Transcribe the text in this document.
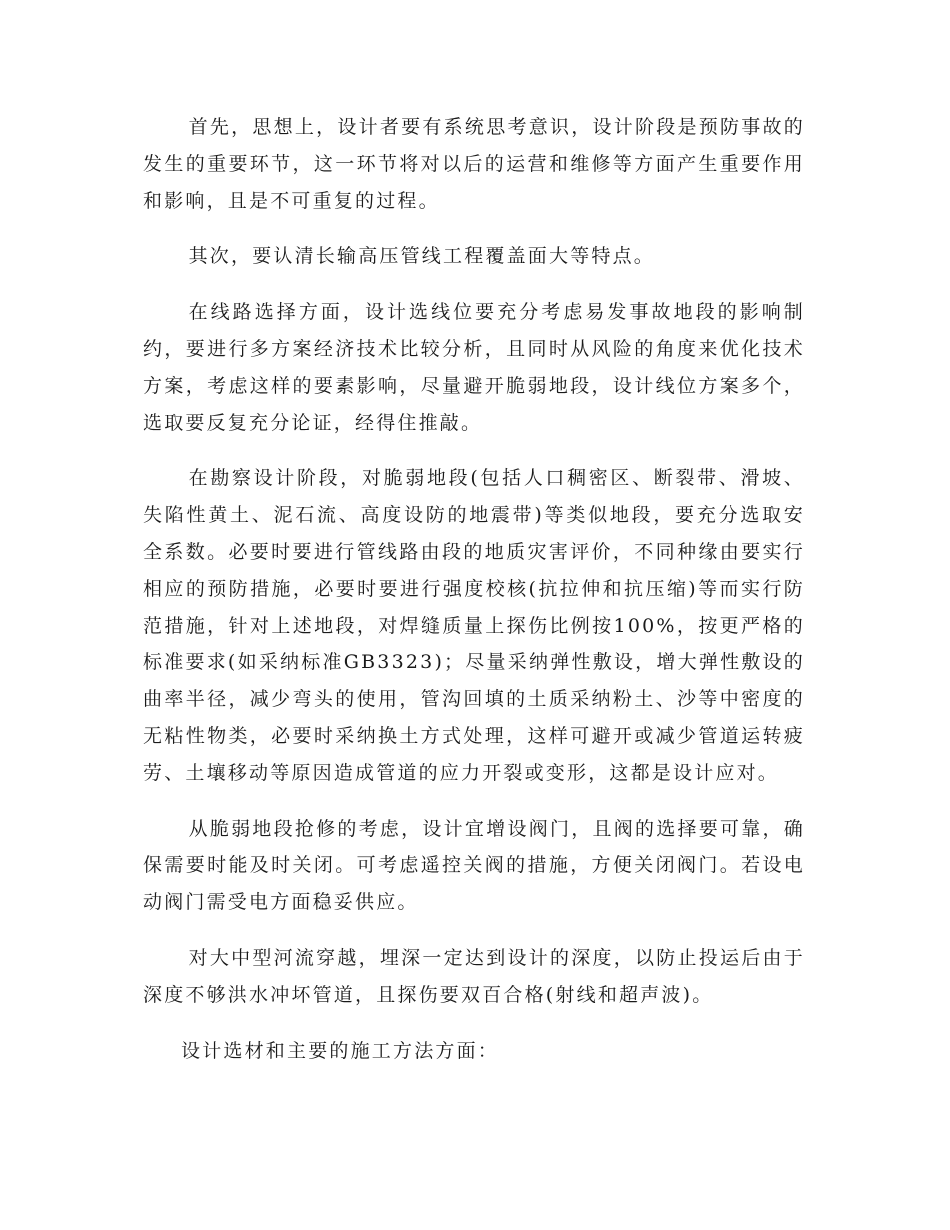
首先，思想上，设计者要有系统思考意识，设计阶段是预防事故的发生的重要环节，这一环节将对以后的运营和维修等方面产生重要作用和影响，且是不可重复的过程。

其次，要认清长输高压管线工程覆盖面大等特点。

在线路选择方面，设计选线位要充分考虑易发事故地段的影响制约，要进行多方案经济技术比较分析，且同时从风险的角度来优化技术方案，考虑这样的要素影响，尽量避开脆弱地段，设计线位方案多个，选取要反复充分论证，经得住推敲。

在勘察设计阶段，对脆弱地段(包括人口稠密区、断裂带、滑坡、失陷性黄土、泥石流、高度设防的地震带)等类似地段，要充分选取安全系数。必要时要进行管线路由段的地质灾害评价，不同种缘由要实行相应的预防措施，必要时要进行强度校核(抗拉伸和抗压缩)等而实行防范措施，针对上述地段，对焊缝质量上探伤比例按100%，按更严格的标准要求(如采纳标准GB3323)；尽量采纳弹性敷设，增大弹性敷设的曲率半径，减少弯头的使用，管沟回填的土质采纳粉土、沙等中密度的无粘性物类，必要时采纳换土方式处理，这样可避开或减少管道运转疲劳、土壤移动等原因造成管道的应力开裂或变形，这都是设计应对。

从脆弱地段抢修的考虑，设计宜增设阀门，且阀的选择要可靠，确保需要时能及时关闭。可考虑遥控关阀的措施，方便关闭阀门。若设电动阀门需受电方面稳妥供应。

对大中型河流穿越，埋深一定达到设计的深度，以防止投运后由于深度不够洪水冲坏管道，且探伤要双百合格(射线和超声波)。

设计选材和主要的施工方法方面：
